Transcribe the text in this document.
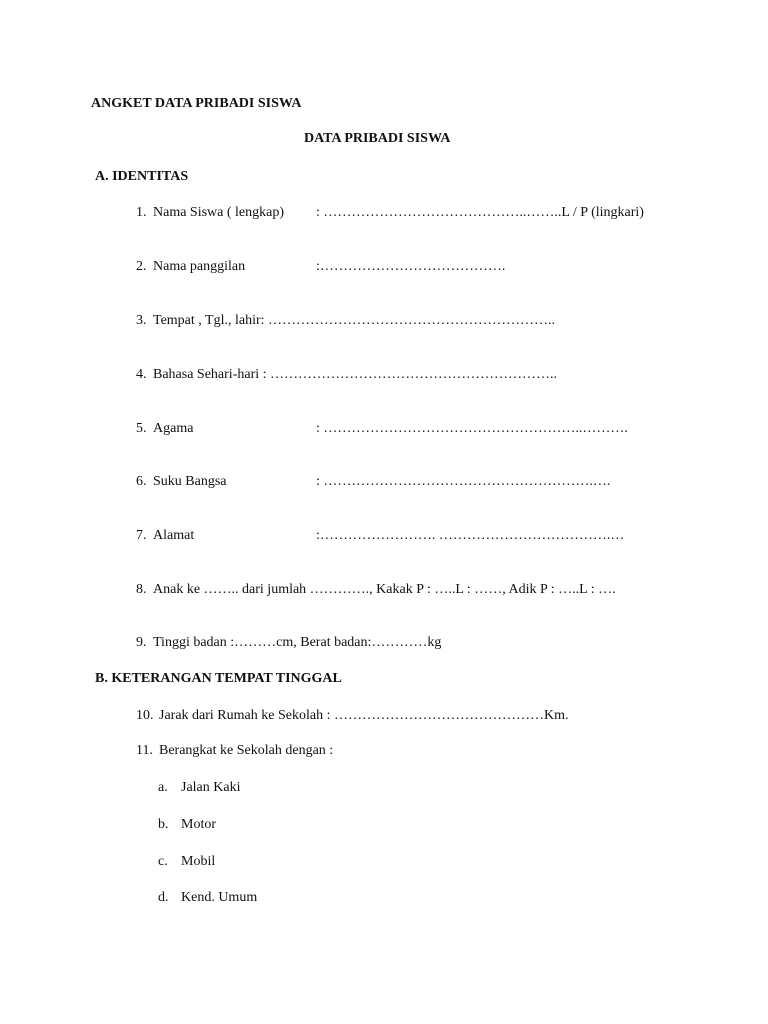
ANGKET DATA PRIBADI SISWA
DATA PRIBADI SISWA
A. IDENTITAS
1. Nama Siswa ( lengkap) : ……………………………………..……..L / P (lingkari)
2. Nama panggilan	:………………………………….
3. Tempat , Tgl., lahir: ……………………………………………………..
4. Bahasa Sehari-hari : ……………………………………………………..
5. Agama	: ………………………………………………..……….
6. Suku Bangsa	: ………………………………………………….….
7. Alamat	:……………………. ……………………………….…
8. Anak ke …….. dari jumlah …………., Kakak P : …..L : ……, Adik P : …..L : ….
9. Tinggi badan :………cm, Berat badan:…………kg
B. KETERANGAN TEMPAT TINGGAL
10. Jarak dari Rumah ke Sekolah : ………………………………………Km.
11. Berangkat ke Sekolah dengan :
a. Jalan Kaki
b. Motor
c. Mobil
d. Kend. Umum
